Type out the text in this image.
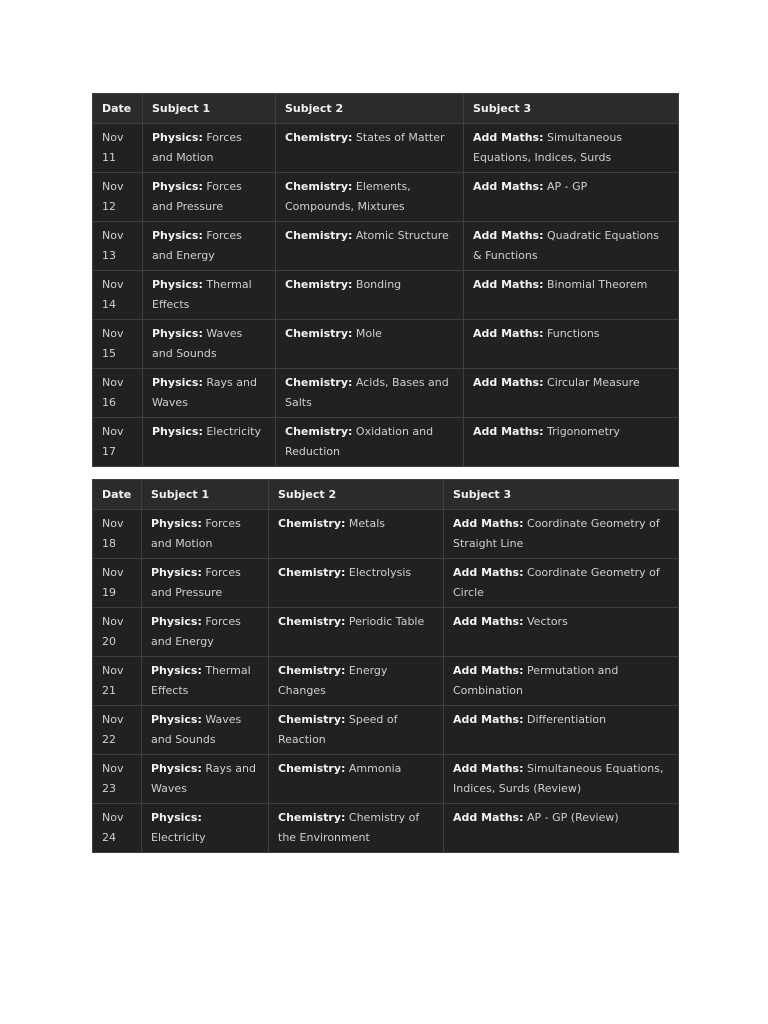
Date	Subject 1	Subject 2	Subject 3
Nov 11	Physics: Forces and Motion	Chemistry: States of Matter	Add Maths: Simultaneous Equations, Indices, Surds
Nov 12	Physics: Forces and Pressure	Chemistry: Elements, Compounds, Mixtures	Add Maths: AP - GP
Nov 13	Physics: Forces and Energy	Chemistry: Atomic Structure	Add Maths: Quadratic Equations & Functions
Nov 14	Physics: Thermal Effects	Chemistry: Bonding	Add Maths: Binomial Theorem
Nov 15	Physics: Waves and Sounds	Chemistry: Mole	Add Maths: Functions
Nov 16	Physics: Rays and Waves	Chemistry: Acids, Bases and Salts	Add Maths: Circular Measure
Nov 17	Physics: Electricity	Chemistry: Oxidation and Reduction	Add Maths: Trigonometry
Date	Subject 1	Subject 2	Subject 3
Nov 18	Physics: Forces and Motion	Chemistry: Metals	Add Maths: Coordinate Geometry of Straight Line
Nov 19	Physics: Forces and Pressure	Chemistry: Electrolysis	Add Maths: Coordinate Geometry of Circle
Nov 20	Physics: Forces and Energy	Chemistry: Periodic Table	Add Maths: Vectors
Nov 21	Physics: Thermal Effects	Chemistry: Energy Changes	Add Maths: Permutation and Combination
Nov 22	Physics: Waves and Sounds	Chemistry: Speed of Reaction	Add Maths: Differentiation
Nov 23	Physics: Rays and Waves	Chemistry: Ammonia	Add Maths: Simultaneous Equations, Indices, Surds (Review)
Nov 24	Physics: Electricity	Chemistry: Chemistry of the Environment	Add Maths: AP - GP (Review)
